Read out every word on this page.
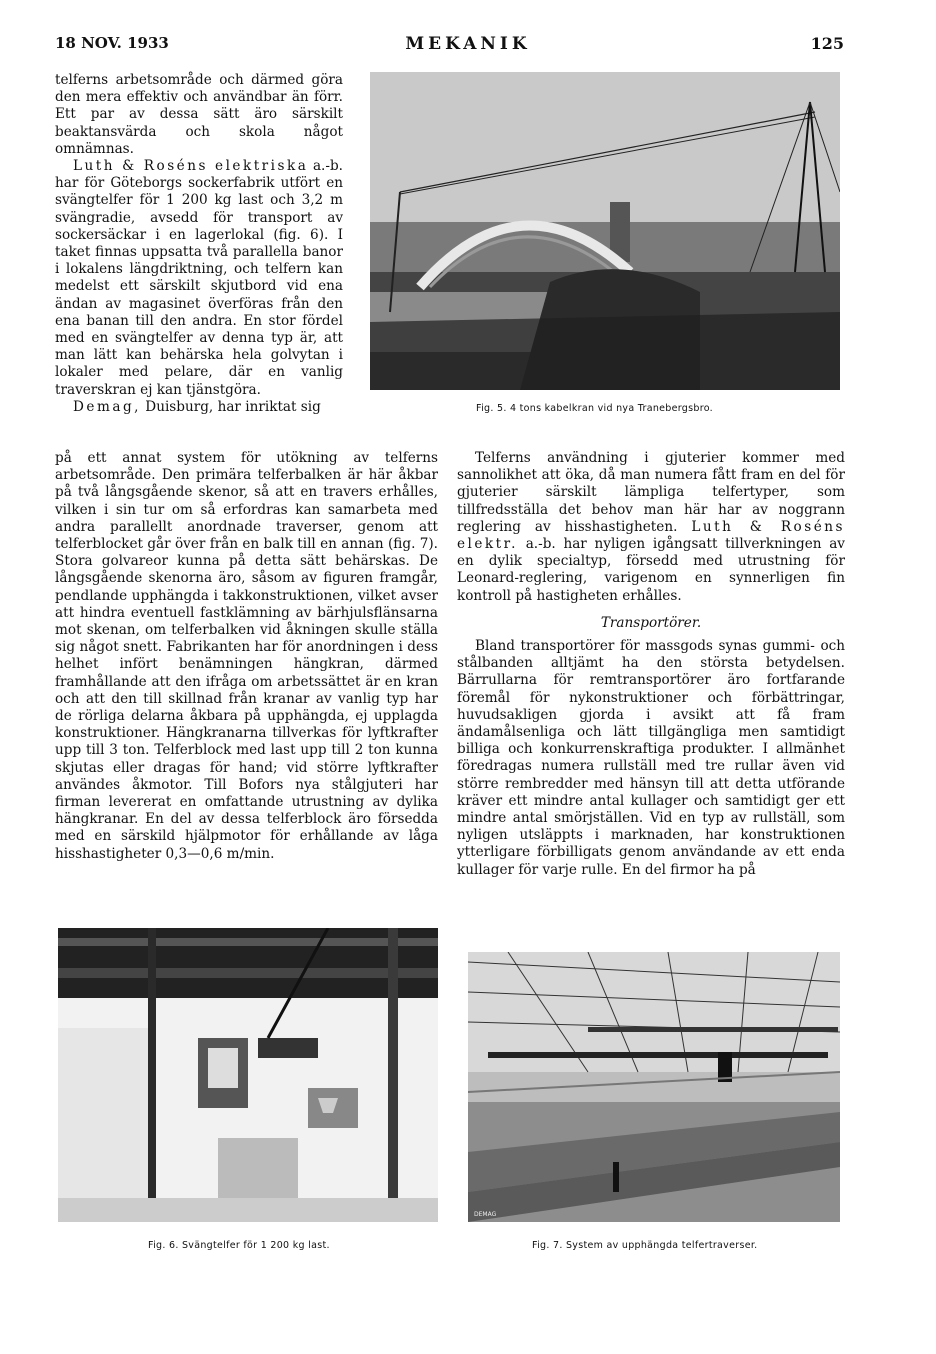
18 NOV. 1933	MEKANIK	125

telferns arbetsområde och därmed göra den mera effektiv och användbar än förr. Ett par av dessa sätt äro särskilt beaktansvärda och skola något omnämnas.

Luth & Roséns elektriska a.-b. har för Göteborgs sockerfabrik utfört en svängtelfer för 1 200 kg last och 3,2 m svängradie, avsedd för transport av sockersäckar i en lagerlokal (fig. 6). I taket finnas uppsatta två parallella banor i lokalens längdriktning, och telfern kan medelst ett särskilt skjutbord vid ena ändan av magasinet överföras från den ena banan till den andra. En stor fördel med en svängtelfer av denna typ är, att man lätt kan behärska hela golvytan i lokaler med pelare, där en vanlig traverskran ej kan tjänstgöra.

Demag, Duisburg, har inriktat sig

på ett annat system för utökning av telferns arbetsområde. Den primära telferbalken är här åkbar på två långsgående skenor, så att en travers erhålles, vilken i sin tur om så erfordras kan samarbeta med andra parallellt anordnade traverser, genom att telferblocket går över från en balk till en annan (fig. 7). Stora golvareor kunna på detta sätt behärskas. De långsgående skenorna äro, såsom av figuren framgår, pendlande upphängda i takkonstruktionen, vilket avser att hindra eventuell fastklämning av bärhjulsflänsarna mot skenan, om telferbalken vid åkningen skulle ställa sig något snett. Fabrikanten har för anordningen i dess helhet infört benämningen hängkran, därmed framhållande att den ifråga om arbetssättet är en kran och att den till skillnad från kranar av vanlig typ har de rörliga delarna åkbara på upphängda, ej upplagda konstruktioner. Hängkranarna tillverkas för lyftkrafter upp till 3 ton. Telferblock med last upp till 2 ton kunna skjutas eller dragas för hand; vid större lyftkrafter användes åkmotor. Till Bofors nya stålgjuteri har firman levererat en omfattande utrustning av dylika hängkranar. En del av dessa telferblock äro försedda med en särskild hjälpmotor för erhållande av låga hisshastigheter 0,3—0,6 m/min.

Fig. 5. 4 tons kabelkran vid nya Tranebergsbro.

Telferns användning i gjuterier kommer med sannolikhet att öka, då man numera fått fram en del för gjuterier särskilt lämpliga telfertyper, som tillfredsställa det behov man här har av noggrann reglering av hisshastigheten. Luth & Roséns elektr. a.-b. har nyligen igångsatt tillverkningen av en dylik specialtyp, försedd med utrustning för Leonard-reglering, varigenom en synnerligen fin kontroll på hastigheten erhålles.

Transportörer.

Bland transportörer för massgods synas gummi- och stålbanden alltjämt ha den största betydelsen. Bärrullarna för remtransportörer äro fortfarande föremål för nykonstruktioner och förbättringar, huvudsakligen gjorda i avsikt att få fram ändamålsenliga och lätt tillgängliga men samtidigt billiga och konkurrenskraftiga produkter. I allmänhet föredragas numera rullställ med tre rullar även vid större rembredder med hänsyn till att detta utförande kräver ett mindre antal kullager och samtidigt ger ett mindre antal smörjställen. Vid en typ av rullställ, som nyligen utsläppts i marknaden, har konstruktionen ytterligare förbilligats genom användande av ett enda kullager för varje rulle. En del firmor ha på

Fig. 6. Svängtelfer för 1 200 kg last.
DEMAG
Fig. 7. System av upphängda telfertraverser.
